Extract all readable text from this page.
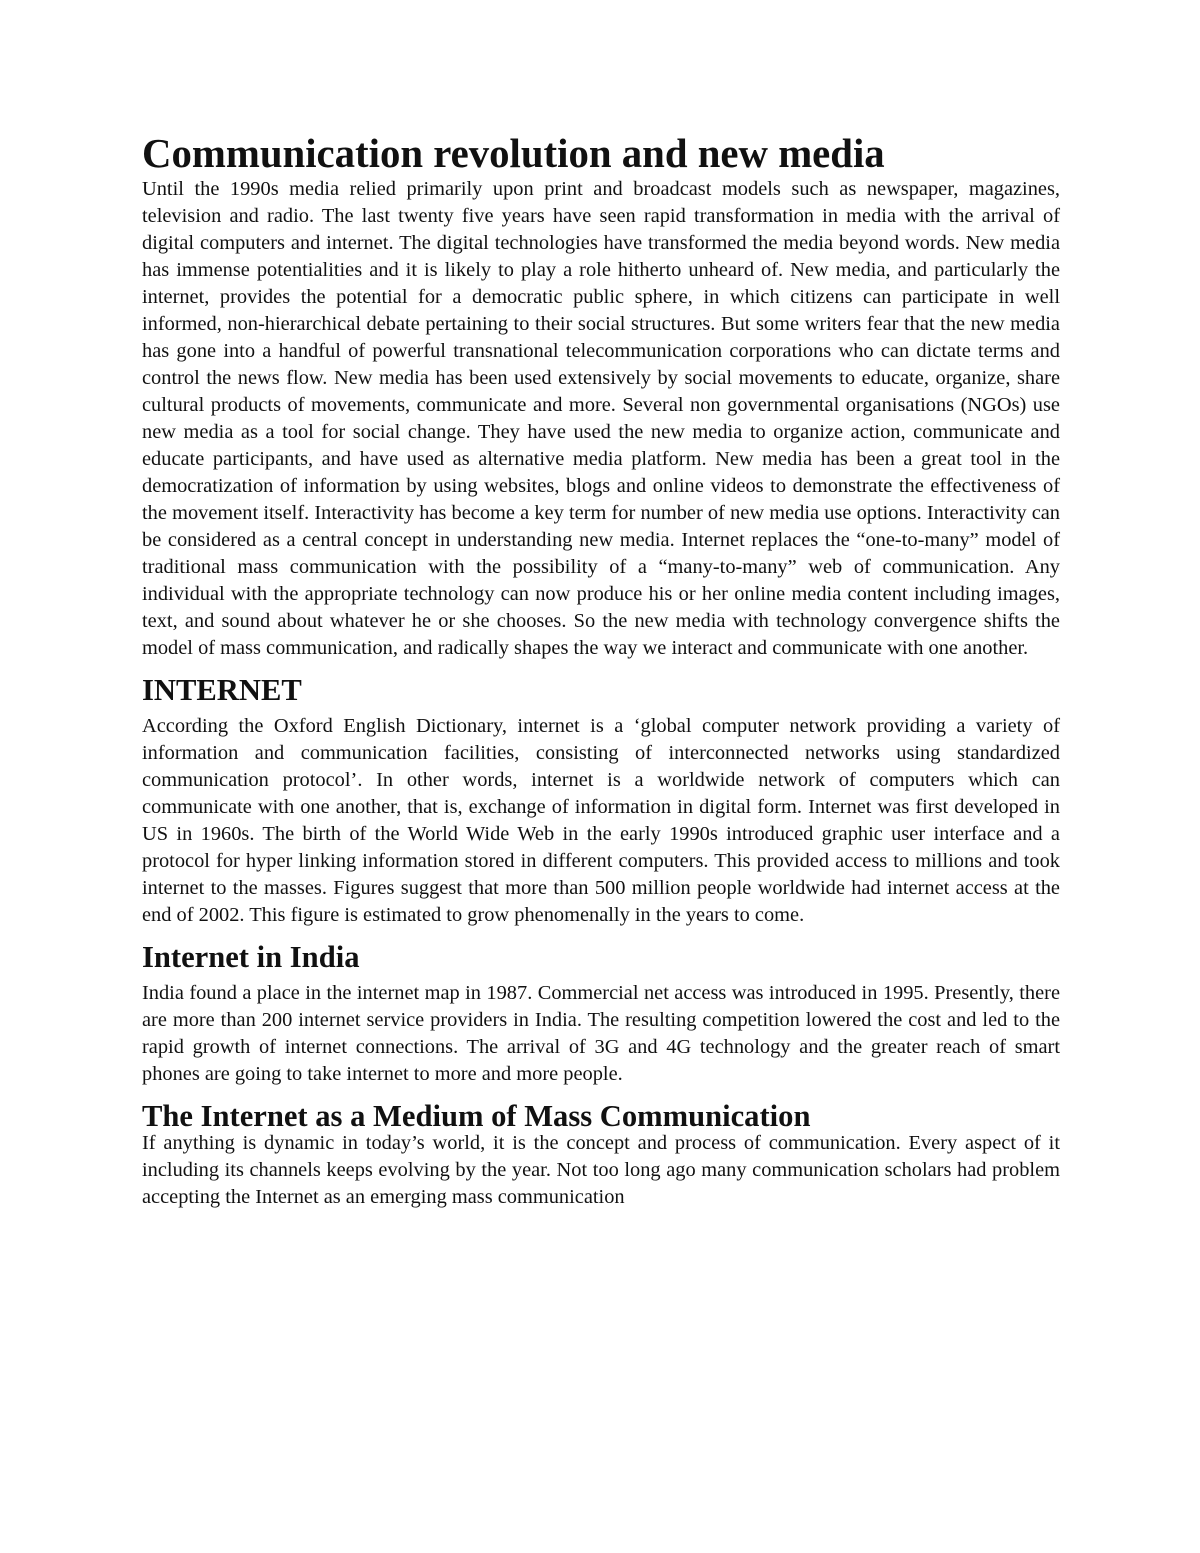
Communication revolution and new media

Until the 1990s media relied primarily upon print and broadcast models such as newspaper, magazines, television and radio. The last twenty five years have seen rapid transformation in media with the arrival of digital computers and internet. The digital technologies have transformed the media beyond words. New media has immense potentialities and it is likely to play a role hitherto unheard of. New media, and particularly the internet, provides the potential for a democratic public sphere, in which citizens can participate in well informed, non-hierarchical debate pertaining to their social structures. But some writers fear that the new media has gone into a handful of powerful transnational telecommunication corporations who can dictate terms and control the news flow. New media has been used extensively by social movements to educate, organize, share cultural products of movements, communicate and more. Several non governmental organisations (NGOs) use new media as a tool for social change. They have used the new media to organize action, communicate and educate participants, and have used as alternative media platform. New media has been a great tool in the democratization of information by using websites, blogs and online videos to demonstrate the effectiveness of the movement itself. Interactivity has become a key term for number of new media use options. Interactivity can be considered as a central concept in understanding new media. Internet replaces the “one-to-many” model of traditional mass communication with the possibility of a “many-to-many” web of communication. Any individual with the appropriate technology can now produce his or her online media content including images, text, and sound about whatever he or she chooses. So the new media with technology convergence shifts the model of mass communication, and radically shapes the way we interact and communicate with one another.

INTERNET

According the Oxford English Dictionary, internet is a ‘global computer network providing a variety of information and communication facilities, consisting of interconnected networks using standardized communication protocol’. In other words, internet is a worldwide network of computers which can communicate with one another, that is, exchange of information in digital form. Internet was first developed in US in 1960s. The birth of the World Wide Web in the early 1990s introduced graphic user interface and a protocol for hyper linking information stored in different computers. This provided access to millions and took internet to the masses. Figures suggest that more than 500 million people worldwide had internet access at the end of 2002. This figure is estimated to grow phenomenally in the years to come.

Internet in India

India found a place in the internet map in 1987. Commercial net access was introduced in 1995. Presently, there are more than 200 internet service providers in India. The resulting competition lowered the cost and led to the rapid growth of internet connections. The arrival of 3G and 4G technology and the greater reach of smart phones are going to take internet to more and more people.

The Internet as a Medium of Mass Communication

If anything is dynamic in today’s world, it is the concept and process of communication. Every aspect of it including its channels keeps evolving by the year. Not too long ago many communication scholars had problem accepting the Internet as an emerging mass communication
